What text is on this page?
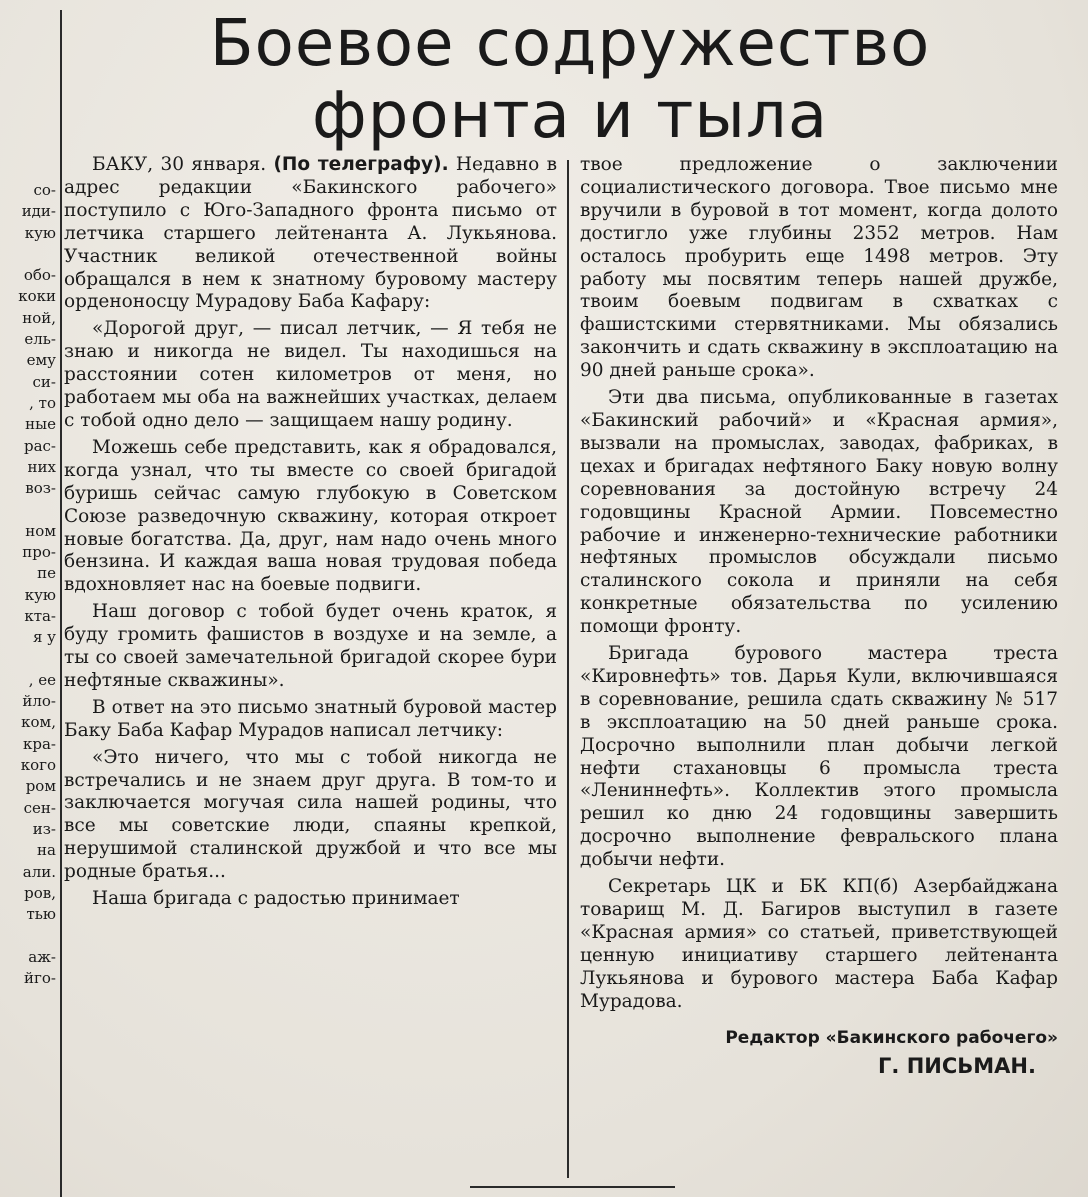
со-
иди-
кую
обо-
коки
ной,
ель-
ему
си-
, то
ные
рас-
них
воз-
ном
про-
пе
кую
кта-
я у
, ее
йло-
ком,
кра-
кого
ром
сен-
из-
на
али.
ров,
тью
аж-
йго-
Боевое содружество
фронта и тыла

БАКУ, 30 января. (По телеграфу). Недавно в адрес редакции «Бакинского рабочего» поступило с Юго-Западного фронта письмо от летчика старшего лейтенанта А. Лукьянова. Участник великой отечественной войны обращался в нем к знатному буровому мастеру орденоносцу Мурадову Баба Кафару:

«Дорогой друг, — писал летчик, — Я тебя не знаю и никогда не видел. Ты находишься на расстоянии сотен километров от меня, но работаем мы оба на важнейших участках, делаем с тобой одно дело — защищаем нашу родину.

Можешь себе представить, как я обрадовался, когда узнал, что ты вместе со своей бригадой буришь сейчас самую глубокую в Советском Союзе разведочную скважину, которая откроет новые богатства. Да, друг, нам надо очень много бензина. И каждая ваша новая трудовая победа вдохновляет нас на боевые подвиги.

Наш договор с тобой будет очень краток, я буду громить фашистов в воздухе и на земле, а ты со своей замечательной бригадой скорее бури нефтяные скважины».

В ответ на это письмо знатный буровой мастер Баку Баба Кафар Мурадов написал летчику:

«Это ничего, что мы с тобой никогда не встречались и не знаем друг друга. В том-то и заключается могучая сила нашей родины, что все мы советские люди, спаяны крепкой, нерушимой сталинской дружбой и что все мы родные братья...

Наша бригада с радостью принимает

твое предложение о заключении социалистического договора. Твое письмо мне вручили в буровой в тот момент, когда долото достигло уже глубины 2352 метров. Нам осталось пробурить еще 1498 метров. Эту работу мы посвятим теперь нашей дружбе, твоим боевым подвигам в схватках с фашистскими стервятниками. Мы обязались закончить и сдать скважину в эксплоатацию на 90 дней раньше срока».

Эти два письма, опубликованные в газетах «Бакинский рабочий» и «Красная армия», вызвали на промыслах, заводах, фабриках, в цехах и бригадах нефтяного Баку новую волну соревнования за достойную встречу 24 годовщины Красной Армии. Повсеместно рабочие и инженерно-технические работники нефтяных промыслов обсуждали письмо сталинского сокола и приняли на себя конкретные обязательства по усилению помощи фронту.

Бригада бурового мастера треста «Кировнефть» тов. Дарья Кули, включившаяся в соревнование, решила сдать скважину № 517 в эксплоатацию на 50 дней раньше срока. Досрочно выполнили план добычи легкой нефти стахановцы 6 промысла треста «Лениннефть». Коллектив этого промысла решил ко дню 24 годовщины завершить досрочно выполнение февральского плана добычи нефти.

Секретарь ЦК и БК КП(б) Азербайджана товарищ М. Д. Багиров выступил в газете «Красная армия» со статьей, приветствующей ценную инициативу старшего лейтенанта Лукьянова и бурового мастера Баба Кафар Мурадова.

Редактор «Бакинского рабочего»
Г. ПИСЬМАН.
